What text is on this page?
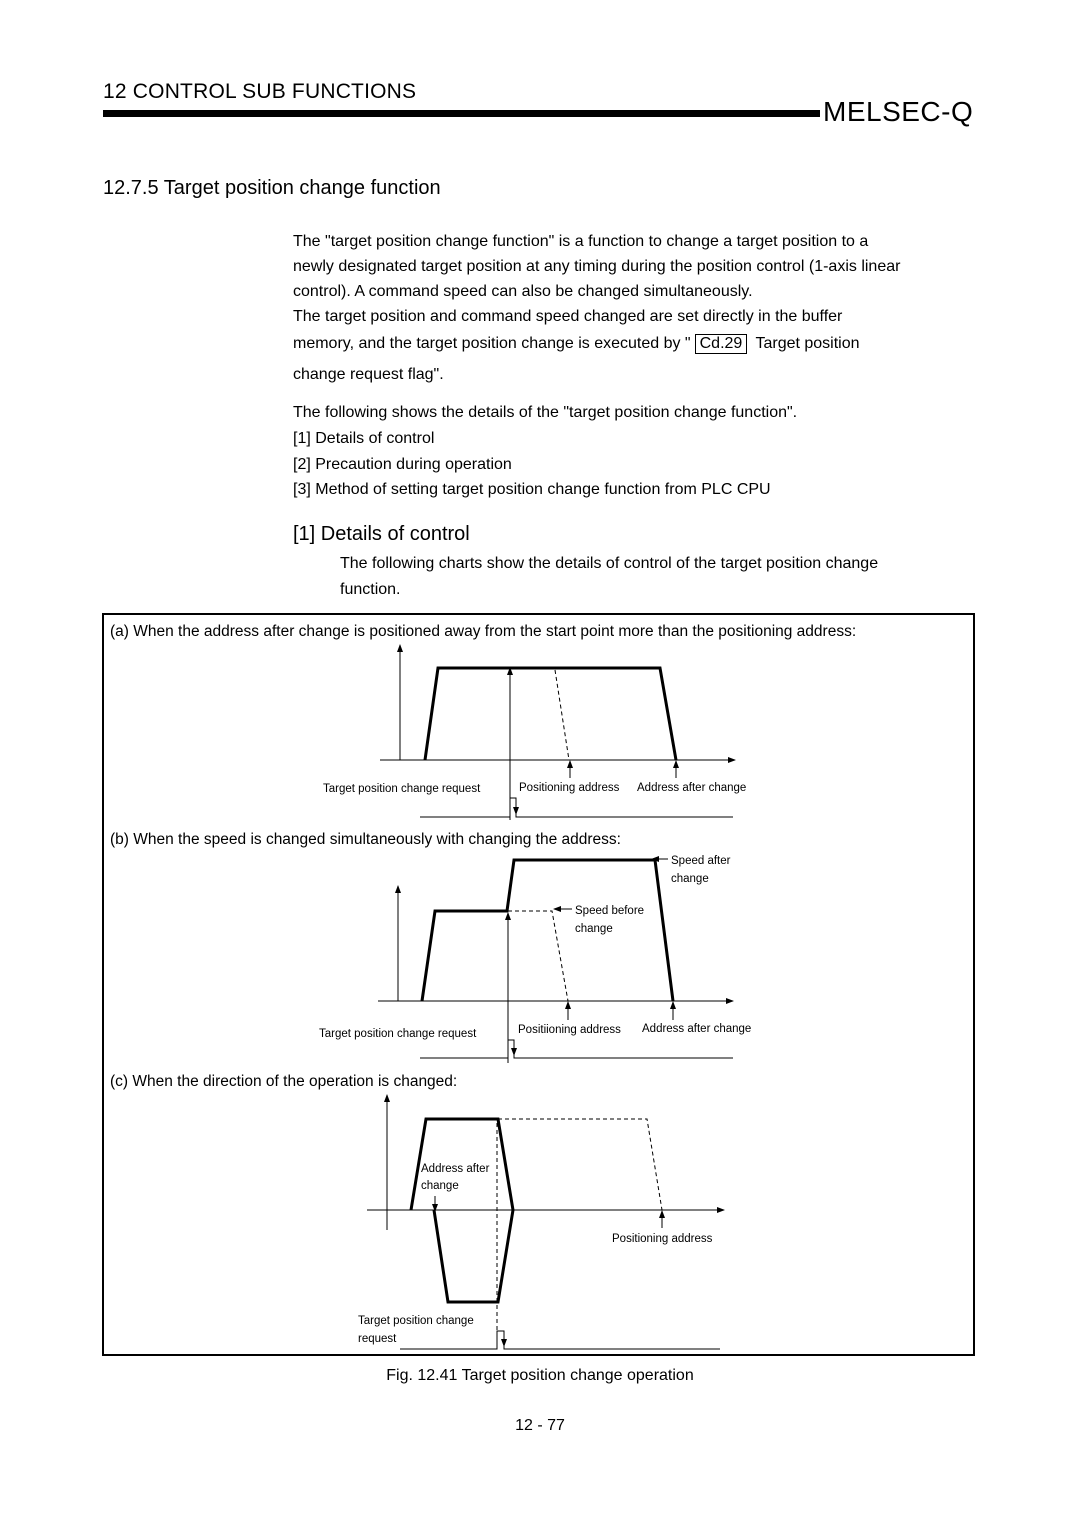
12 CONTROL SUB FUNCTIONS
MELSEC-Q
12.7.5 Target position change function
The "target position change function" is a function to change a target position to a
newly designated target position at any timing during the position control (1-axis linear
control). A command speed can also be changed simultaneously.
The target position and command speed changed are set directly in the buffer
memory, and the target position change is executed by " Cd.29 Target position
change request flag".
The following shows the details of the "target position change function".
[1] Details of control
[2] Precaution during operation
[3] Method of setting target position change function from PLC CPU
[1] Details of control
The following charts show the details of control of the target position change
function.
(a) When the address after change is positioned away from the start point more than the positioning address:
Target position change request	Positioning address Address after change
(b) When the speed is changed simultaneously with changing the address:
Speed after
change
Speed before
change
Target position change request	Positiioning address Address after change
(c) When the direction of the operation is changed:
Address after
change
Positioning address
Target position change
request
Fig. 12.41 Target position change operation
12 - 77
